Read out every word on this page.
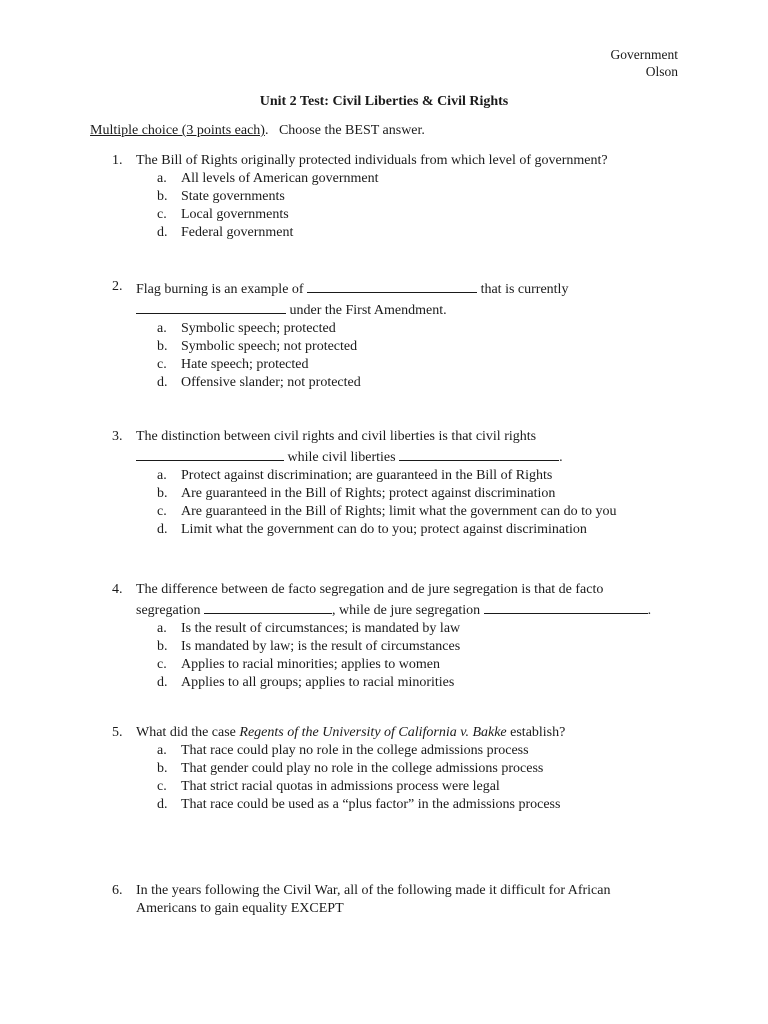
Government
Olson
Unit 2 Test: Civil Liberties & Civil Rights
Multiple choice (3 points each). Choose the BEST answer.
1. The Bill of Rights originally protected individuals from which level of government?
a.	All levels of American government
b. State governments
c.	Local governments
d. Federal government
2. Flag burning is an example of	that is currently
under the First Amendment.
a.	Symbolic speech; protected
b. Symbolic speech; not protected
c.	Hate speech; protected
d. Offensive slander; not protected
3. The distinction between civil rights and civil liberties is that civil rights
while civil liberties	.
a.	Protect against discrimination; are guaranteed in the Bill of Rights
b. Are guaranteed in the Bill of Rights; protect against discrimination
c.	Are guaranteed in the Bill of Rights; limit what the government can do to you
d. Limit what the government can do to you; protect against discrimination
4. The difference between de facto segregation and de jure segregation is that de facto
segregation	, while de jure segregation	.
a.	Is the result of circumstances; is mandated by law
b. Is mandated by law; is the result of circumstances
c.	Applies to racial minorities; applies to women
d. Applies to all groups; applies to racial minorities
5. What did the case Regents of the University of California v. Bakke establish?
a.	That race could play no role in the college admissions process
b. That gender could play no role in the college admissions process
c.	That strict racial quotas in admissions process were legal
d. That race could be used as a “plus factor” in the admissions process
6. In the years following the Civil War, all of the following made it difficult for African Americans to gain equality EXCEPT
